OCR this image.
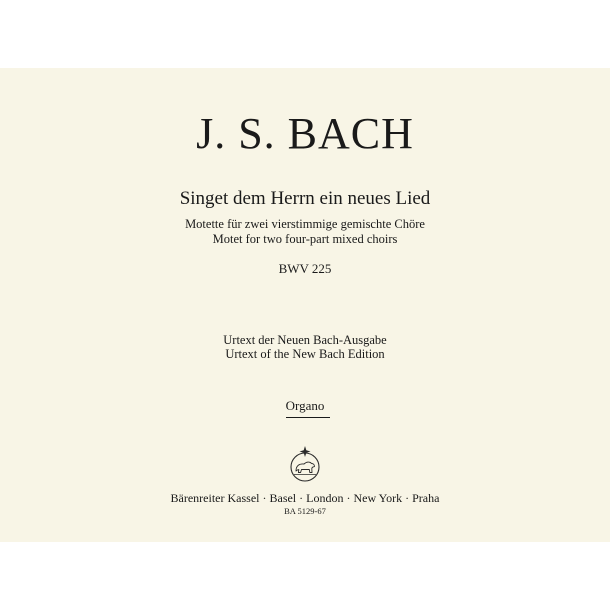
J. S. BACH
Singet dem Herrn ein neues Lied
Motette für zwei vierstimmige gemischte Chöre
Motet for two four-part mixed choirs
BWV 225
Urtext der Neuen Bach-Ausgabe
Urtext of the New Bach Edition
Organo
Bärenreiter Kassel · Basel · London · New York · Praha
BA 5129-67
